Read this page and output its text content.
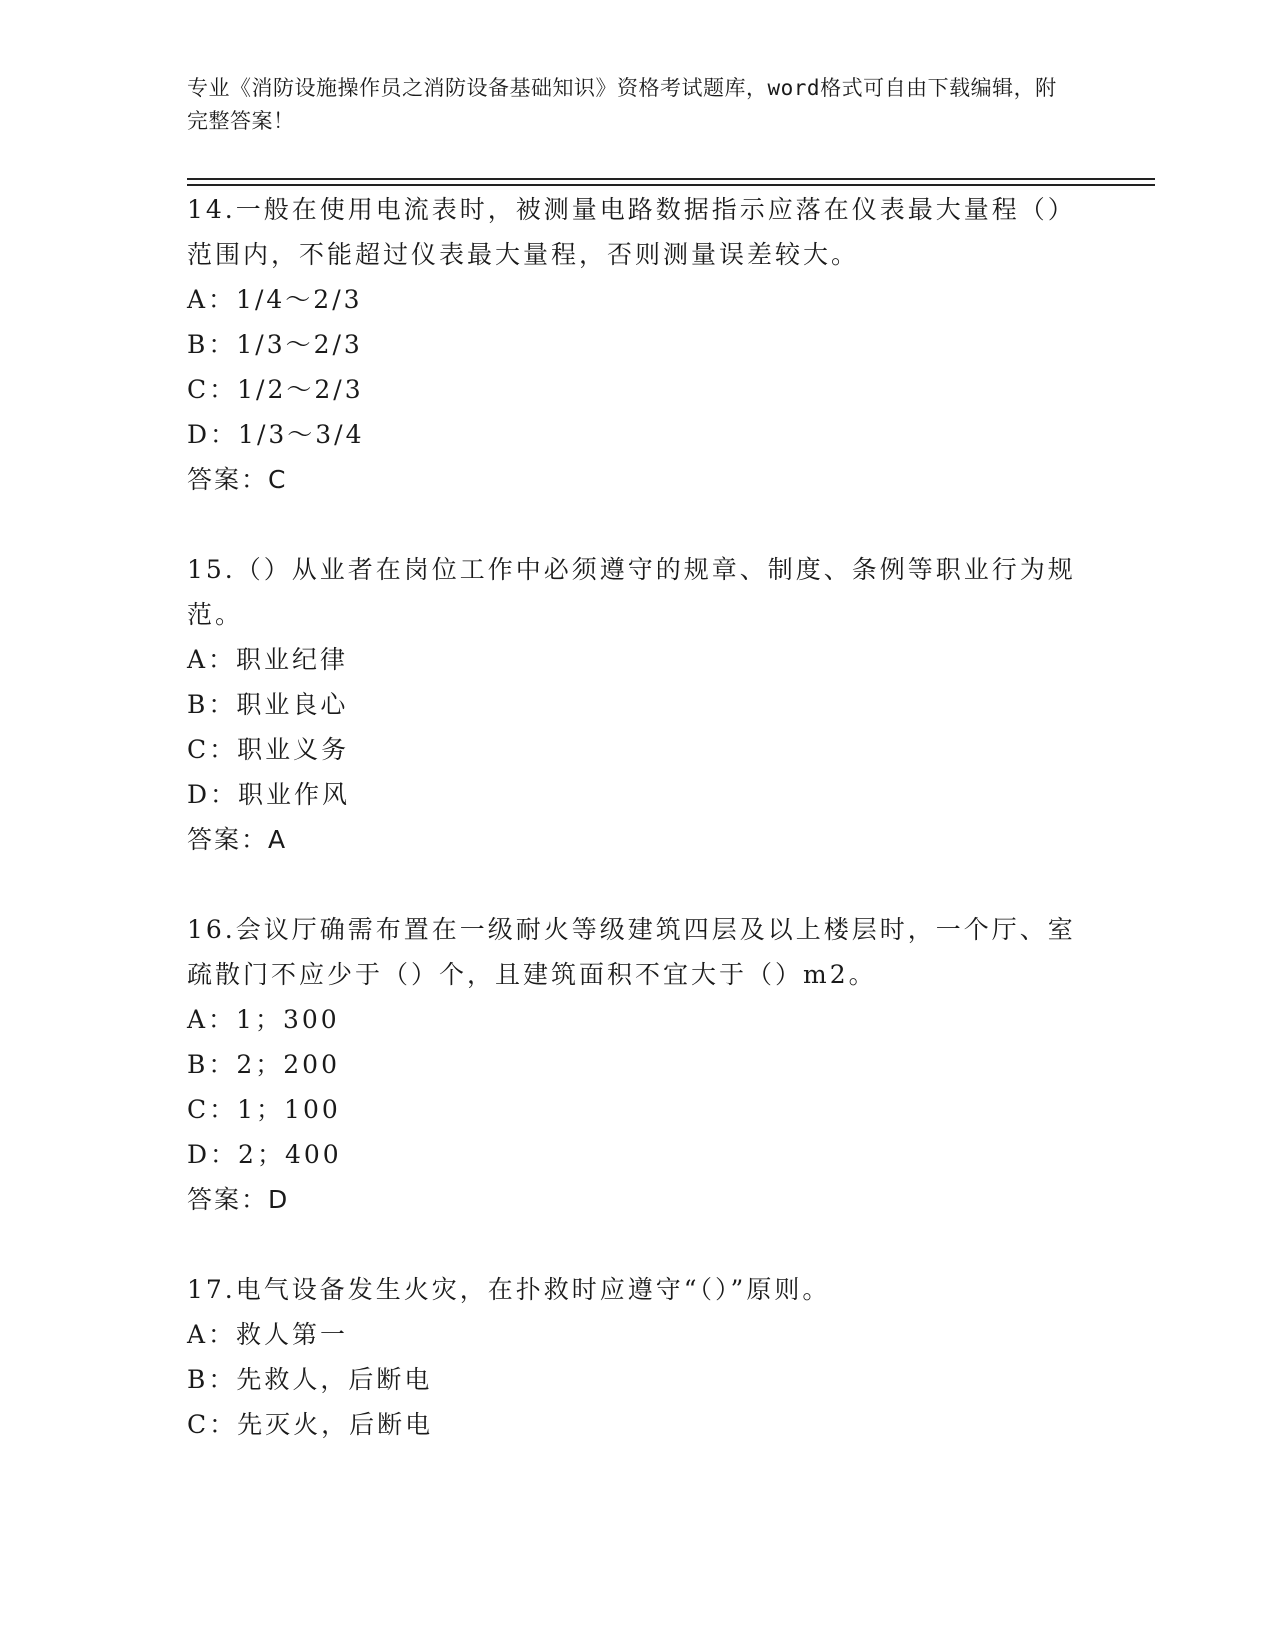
专业《消防设施操作员之消防设备基础知识》资格考试题库，word格式可自由下载编辑，附完整答案！
14.一般在使用电流表时，被测量电路数据指示应落在仪表最大量程（）范围内，不能超过仪表最大量程，否则测量误差较大。
A：1/4～2/3
B：1/3～2/3
C：1/2～2/3
D：1/3～3/4
答案：C
15.（）从业者在岗位工作中必须遵守的规章、制度、条例等职业行为规范。
A：职业纪律
B：职业良心
C：职业义务
D：职业作风
答案：A
16.会议厅确需布置在一级耐火等级建筑四层及以上楼层时，一个厅、室疏散门不应少于（）个，且建筑面积不宜大于（）m2。
A：1；300
B：2；200
C：1；100
D：2；400
答案：D
17.电气设备发生火灾，在扑救时应遵守“（）”原则。
A：救人第一
B：先救人，后断电
C：先灭火，后断电
